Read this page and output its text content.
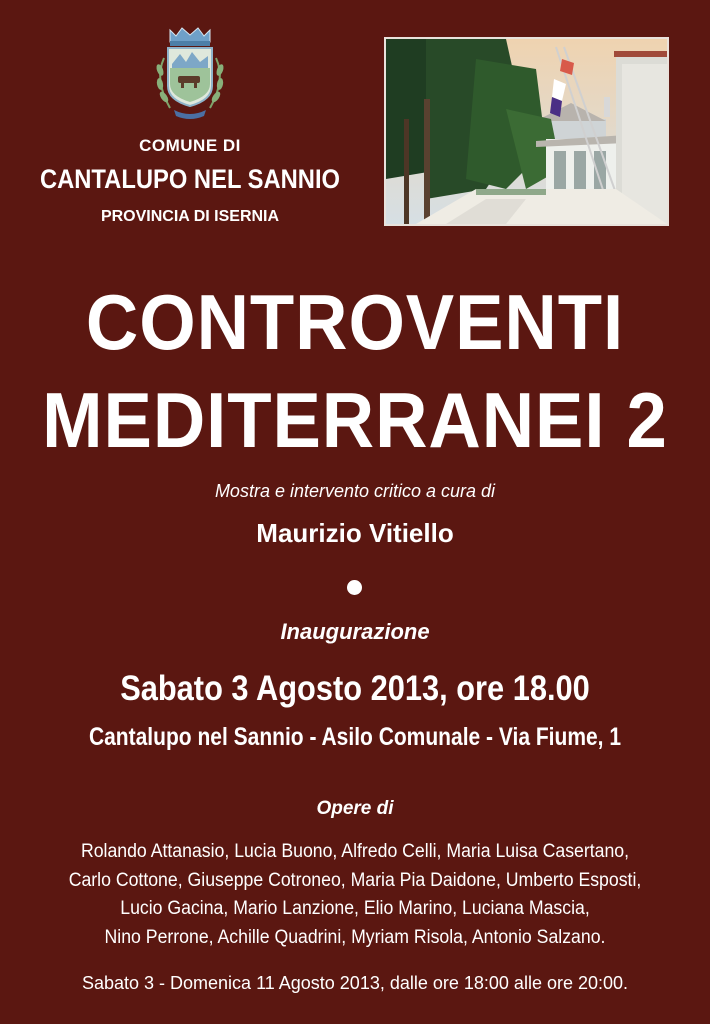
COMUNE DI
CANTALUPO NEL SANNIO
PROVINCIA DI ISERNIA
CONTROVENTI
MEDITERRANEI 2
Mostra e intervento critico a cura di
Maurizio Vitiello
Inaugurazione
Sabato 3 Agosto 2013, ore 18.00
Cantalupo nel Sannio - Asilo Comunale - Via Fiume, 1
Opere di
Rolando Attanasio, Lucia Buono, Alfredo Celli, Maria Luisa Casertano,
Carlo Cottone, Giuseppe Cotroneo, Maria Pia Daidone, Umberto Esposti,
Lucio Gacina, Mario Lanzione, Elio Marino, Luciana Mascia,
Nino Perrone, Achille Quadrini, Myriam Risola, Antonio Salzano.
Sabato 3 - Domenica 11 Agosto 2013, dalle ore 18:00 alle ore 20:00.
